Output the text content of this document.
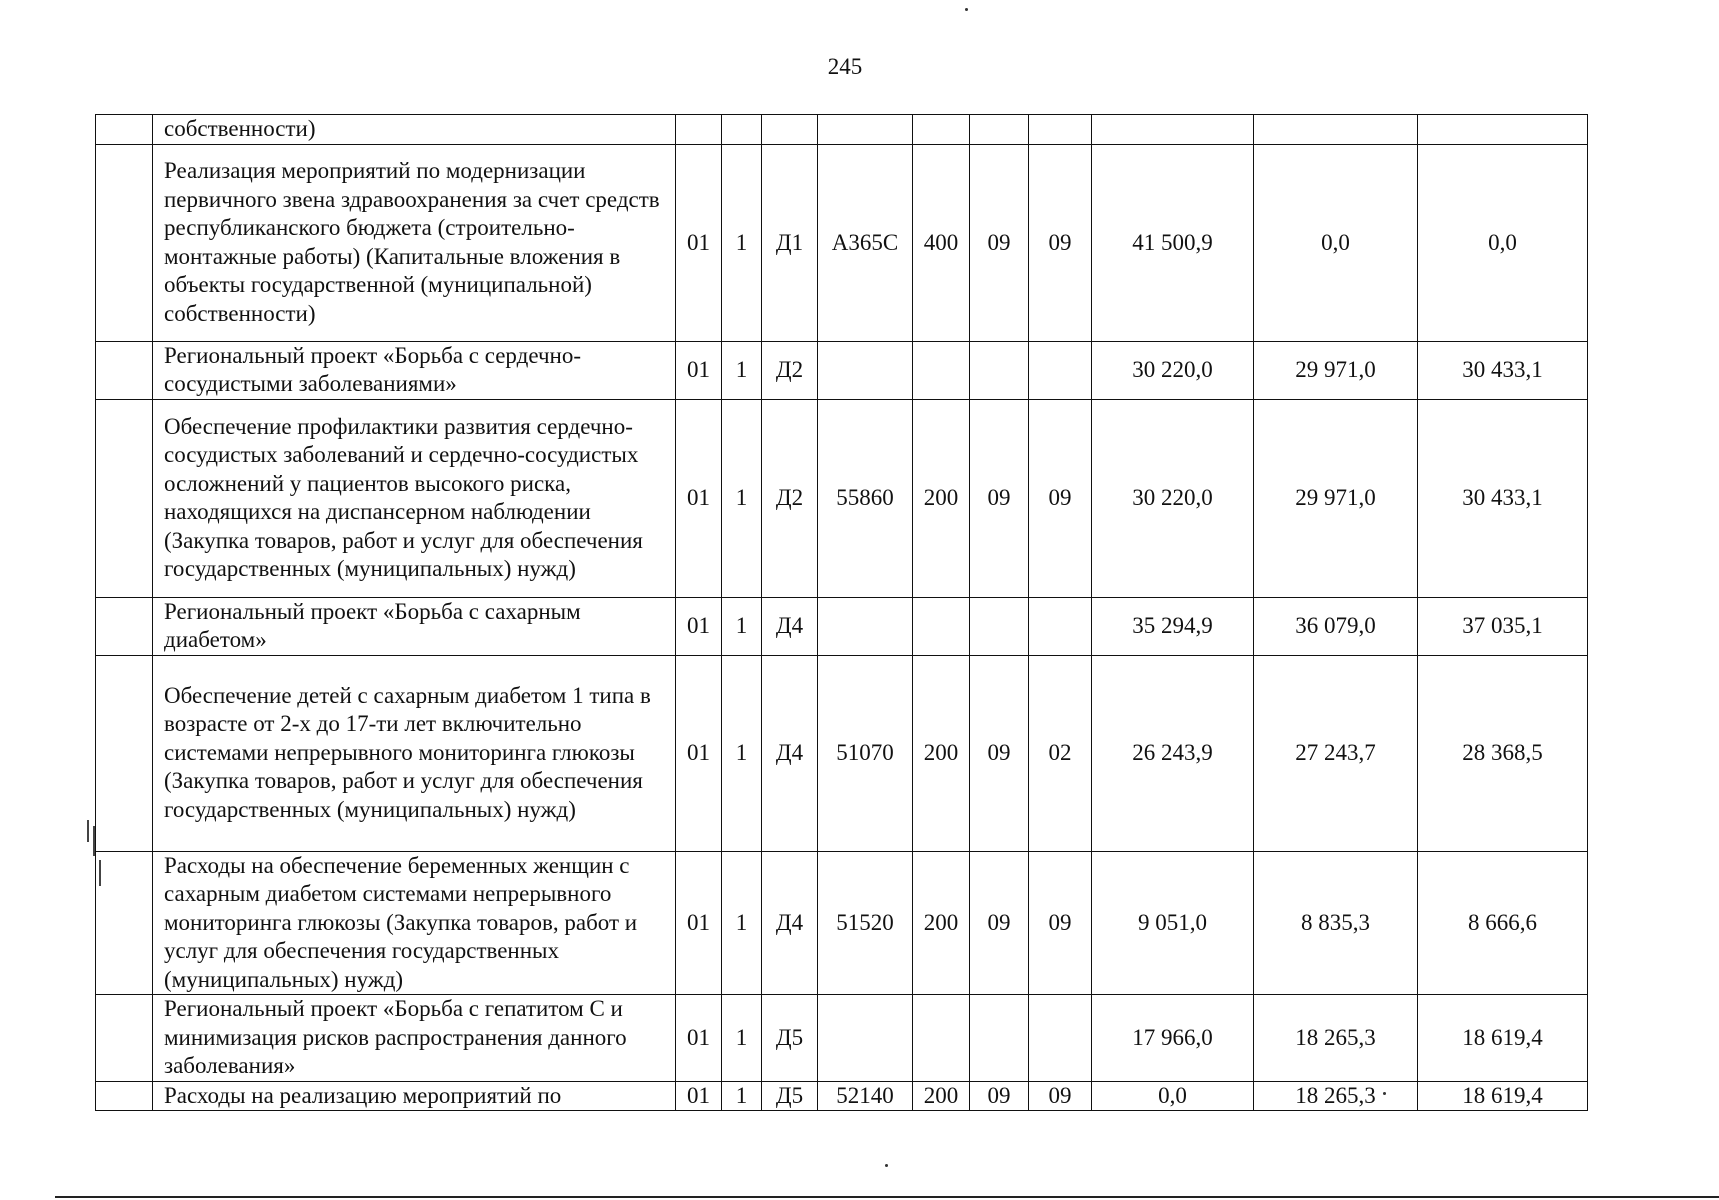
245
	собственности)										
	Реализация мероприятий по модернизации первичного звена здравоохранения за счет средств республиканского бюджета (строительно-монтажные работы) (Капитальные вложения в объекты государственной (муниципальной) собственности)	01	1	Д1	А365С	400	09	09	41 500,9	0,0	0,0
	Региональный проект «Борьба с сердечно-сосудистыми заболеваниями»	01	1	Д2					30 220,0	29 971,0	30 433,1
	Обеспечение профилактики развития сердечно-сосудистых заболеваний и сердечно-сосудистых осложнений у пациентов высокого риска, находящихся на диспансерном наблюдении (Закупка товаров, работ и услуг для обеспечения государственных (муниципальных) нужд)	01	1	Д2	55860	200	09	09	30 220,0	29 971,0	30 433,1
	Региональный проект «Борьба с сахарным диабетом»	01	1	Д4					35 294,9	36 079,0	37 035,1
	Обеспечение детей с сахарным диабетом 1 типа в возрасте от 2-х до 17-ти лет включительно системами непрерывного мониторинга глюкозы (Закупка товаров, работ и услуг для обеспечения государственных (муниципальных) нужд)	01	1	Д4	51070	200	09	02	26 243,9	27 243,7	28 368,5
	Расходы на обеспечение беременных женщин с сахарным диабетом системами непрерывного мониторинга глюкозы (Закупка товаров, работ и услуг для обеспечения государственных (муниципальных) нужд)	01	1	Д4	51520	200	09	09	9 051,0	8 835,3	8 666,6
	Региональный проект «Борьба с гепатитом С и минимизация рисков распространения данного заболевания»	01	1	Д5					17 966,0	18 265,3	18 619,4
	Расходы на реализацию мероприятий по	01	1	Д5	52140	200	09	09	0,0	18 265,3	18 619,4
